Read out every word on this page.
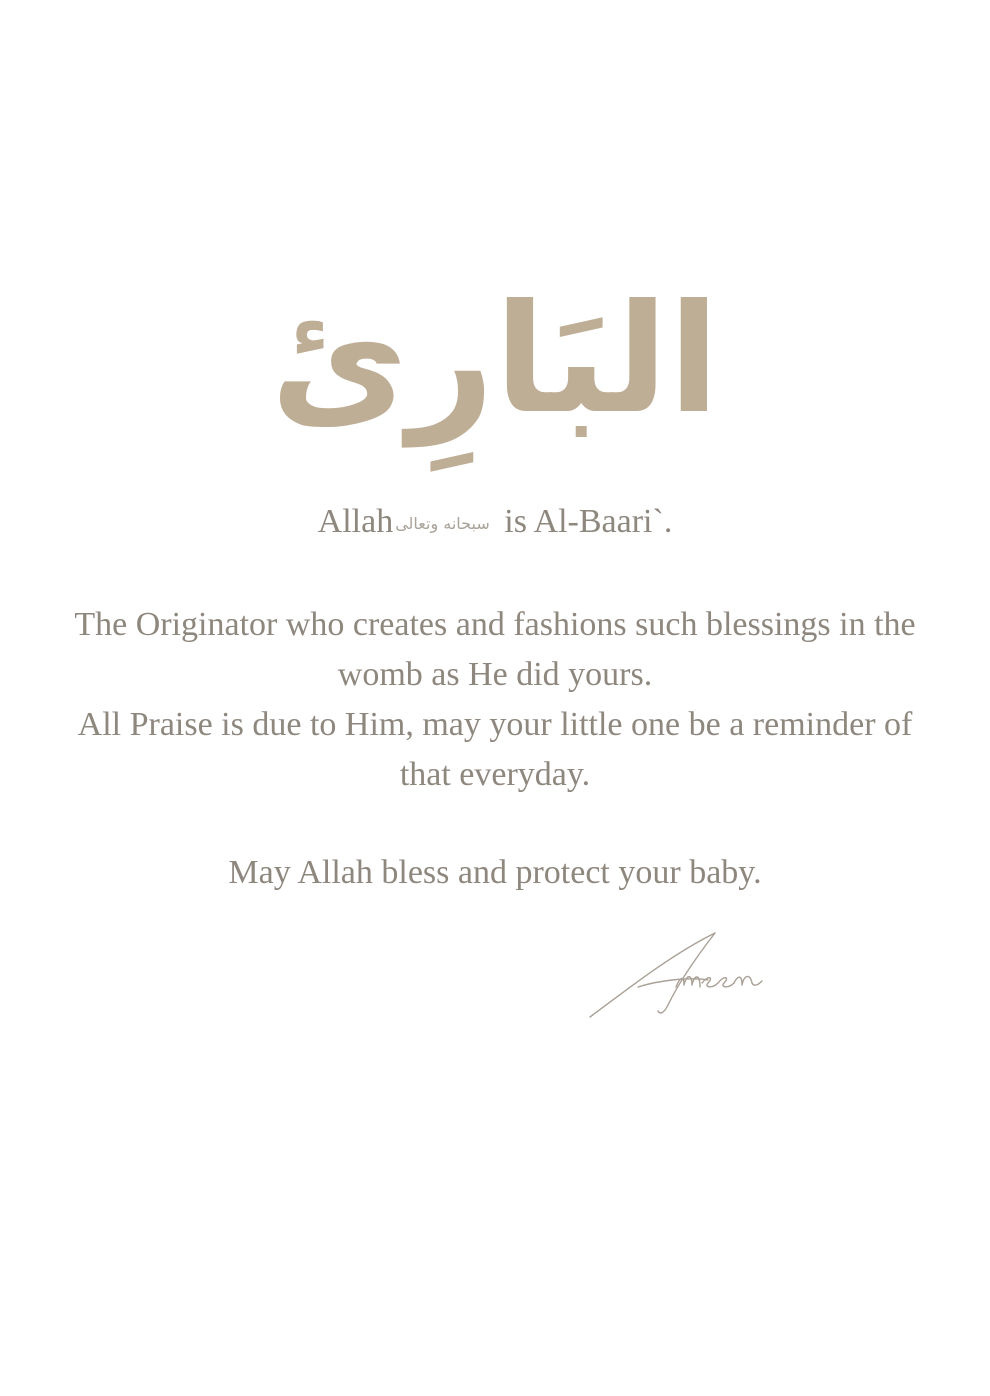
البَارِئ
Allah سبحانه وتعالى is Al-Baari`.

The Originator who creates and fashions such blessings in the womb as He did yours.

All Praise is due to Him, may your little one be a reminder of that everyday.

May Allah bless and protect your baby.
